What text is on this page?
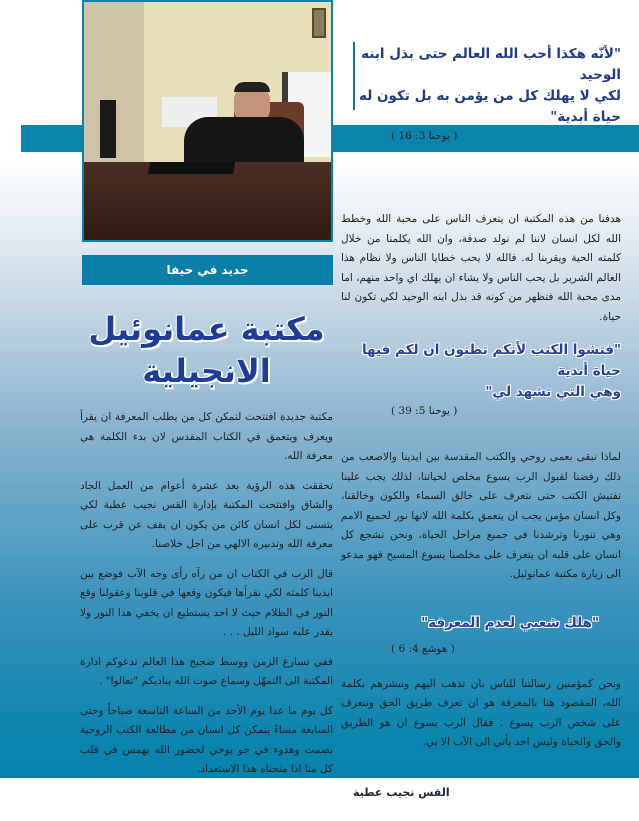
"لأنّه هكذا أحب الله العالم حتى بذل ابنه الوحيد
لكي لا يهلك كل من يؤمن به بل تكون له حياة أبدية"
( يوحنا 3: 16 )
هدفنا من هذه المكتبة ان يتعرف الناس على محبة الله وخطط الله لكل انسان لاننا لم نولد صدفة، وان الله يكلمنا من خلال كلمته الحية ويقربنا له. فالله لا يحب خطايا الناس ولا نظام هذا العالم الشرير بل يحب الناس ولا يشاء ان يهلك اي واحد منهم، اما مدى محبة الله فتظهر من كونه قد بذل ابنه الوحيد لكي تكون لنا حياة.
"فتشوا الكتب لأنكم تظنون ان لكم فيها حياة أبدية
وهي التي تشهد لي"
( يوحنا 5: 39 )
لماذا نبقى بعمى روحي والكتب المقدسة بين ايدينا والاصعب من ذلك رفضنا لقبول الرب يسوع مخلص لحياتنا، لذلك يجب علينا تفتيش الكتب حتى نتعرف على خالق السماء والكون وخالقنا، وكل انسان مؤمن يجب ان يتعمق بكلمة الله لانها نور لجميع الامم وهي تنورنا وترشدنا في جميع مراحل الحياة، ونحن نشجع كل انسان على قلبه ان يتعرف على مخلصنا يسوع المسيح فهو مدعو الى زيارة مكتبة عمانوئيل.
"هلك شعبي لعدم المعرفة"
( هوشع 4: 6 )
ونحن كمؤمنين رسالتنا للناس بان تذهب اليهم ونبشرهم بكلمة الله، المقصود هنا بالمعرفة هو ان تعرف طريق الحق ونتعرف على شخص الرب يسوع . فقال الرب يسوع ان هو الطريق والحق والحياة وليس احد يأتي الى الآب الا بي.
القس نجيب عطية
جديد في حيفا
مكتبة عمانوئيل
الانجيلية

مكتبة جديدة افتتحت لتمكن كل من يطلب المعرفة ان يقرأ ويعرف ويتعمق في الكتاب المقدس لان بدء الكلمة هي معرفة الله.

تحققت هذه الرؤية بعد عشرة أعوام من العمل الجاد والشاق وافتتحت المكتبة بإدارة القس نجيب عطية لكي يتسنى لكل انسان كائن من يكون ان يقف عن قرب على معرفة الله وتدبيره الالهي من اجل خلاصنا.

قال الرب في الكتاب ان من رآه رأى وجه الآب فوضع بين ايدينا كلمته لكي نقرأها فيكون وقعها في قلوبنا وعقولنا وقع النور في الظلام حيث لا احد يستطيع ان يخفي هذا النور ولا يقدر عليه سواد الليل . . .

ففي تسارع الزمن ووسط ضجيج هذا العالم تدعوكم ادارة المكتبة الى التمهّل وسماع صوت الله يناديكم "تعالوا" .

كل يوم ما عدا يوم الأحد من الساعة التاسعة صباحاً وحتى السابعة مساءً يتمكن كل انسان من مطالعة الكتب الروحية بصمت وهدوء في جو يوحي لحضور الله يهمس في قلب كل منا اذا منحناه هذا الاستعداد.
